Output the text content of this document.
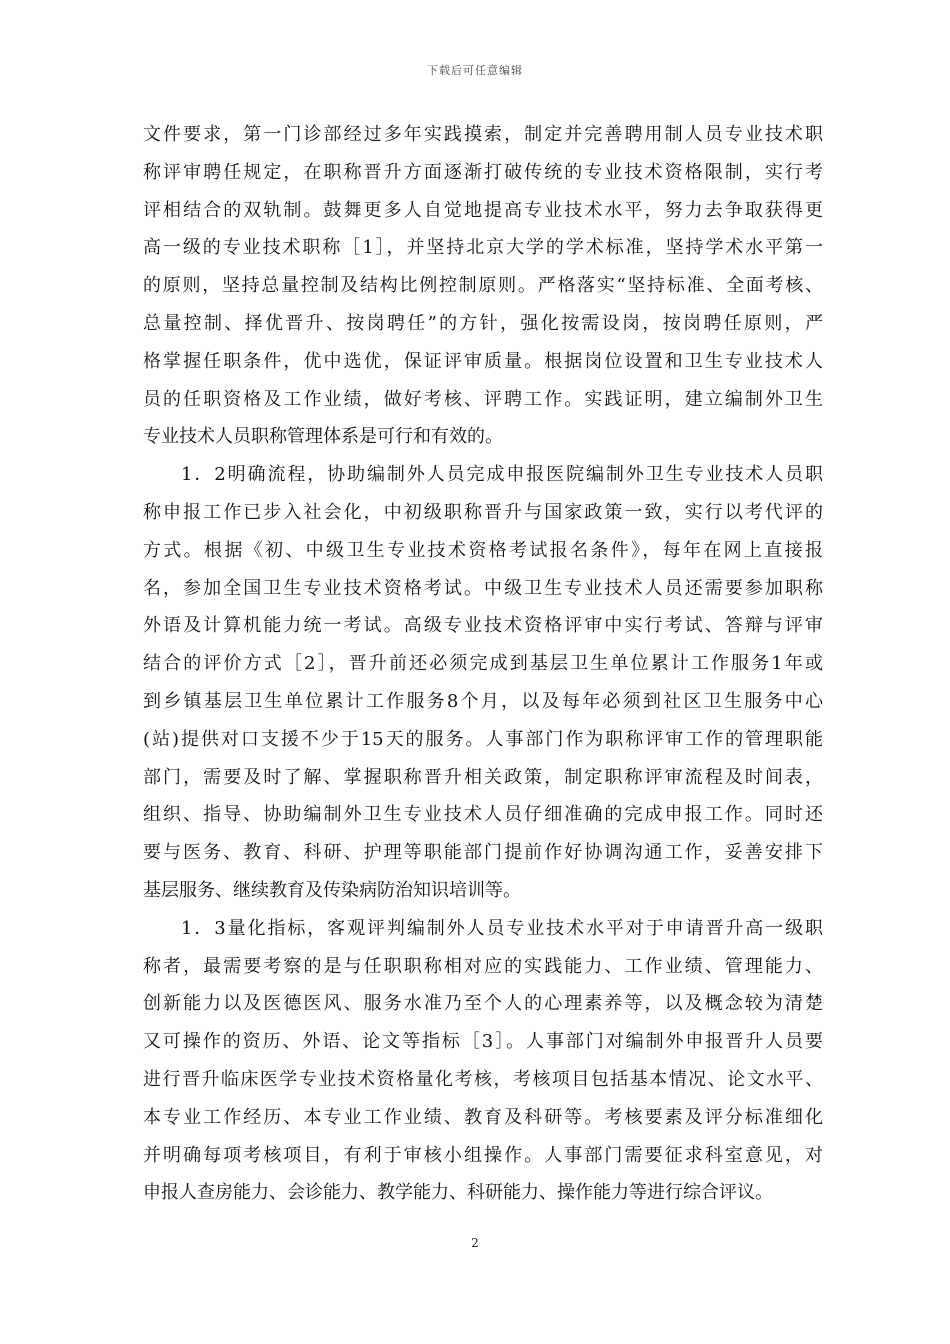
下载后可任意编辑
文件要求，第一门诊部经过多年实践摸索，制定并完善聘用制人员专业技术职
称评审聘任规定，在职称晋升方面逐渐打破传统的专业技术资格限制，实行考
评相结合的双轨制。鼓舞更多人自觉地提高专业技术水平，努力去争取获得更
高一级的专业技术职称［1］，并坚持北京大学的学术标准，坚持学术水平第一
的原则，坚持总量控制及结构比例控制原则。严格落实“坚持标准、全面考核、
总量控制、择优晋升、按岗聘任”的方针，强化按需设岗，按岗聘任原则，严
格掌握任职条件，优中选优，保证评审质量。根据岗位设置和卫生专业技术人
员的任职资格及工作业绩，做好考核、评聘工作。实践证明，建立编制外卫生
专业技术人员职称管理体系是可行和有效的。
1．2明确流程，协助编制外人员完成申报医院编制外卫生专业技术人员职
称申报工作已步入社会化，中初级职称晋升与国家政策一致，实行以考代评的
方式。根据《初、中级卫生专业技术资格考试报名条件》，每年在网上直接报
名，参加全国卫生专业技术资格考试。中级卫生专业技术人员还需要参加职称
外语及计算机能力统一考试。高级专业技术资格评审中实行考试、答辩与评审
结合的评价方式［2］，晋升前还必须完成到基层卫生单位累计工作服务1年或
到乡镇基层卫生单位累计工作服务8个月，以及每年必须到社区卫生服务中心
(站)提供对口支援不少于15天的服务。人事部门作为职称评审工作的管理职能
部门，需要及时了解、掌握职称晋升相关政策，制定职称评审流程及时间表，
组织、指导、协助编制外卫生专业技术人员仔细准确的完成申报工作。同时还
要与医务、教育、科研、护理等职能部门提前作好协调沟通工作，妥善安排下
基层服务、继续教育及传染病防治知识培训等。
1．3量化指标，客观评判编制外人员专业技术水平对于申请晋升高一级职
称者，最需要考察的是与任职职称相对应的实践能力、工作业绩、管理能力、
创新能力以及医德医风、服务水准乃至个人的心理素养等，以及概念较为清楚
又可操作的资历、外语、论文等指标［3］。人事部门对编制外申报晋升人员要
进行晋升临床医学专业技术资格量化考核，考核项目包括基本情况、论文水平、
本专业工作经历、本专业工作业绩、教育及科研等。考核要素及评分标准细化
并明确每项考核项目，有利于审核小组操作。人事部门需要征求科室意见，对
申报人查房能力、会诊能力、教学能力、科研能力、操作能力等进行综合评议。
2
